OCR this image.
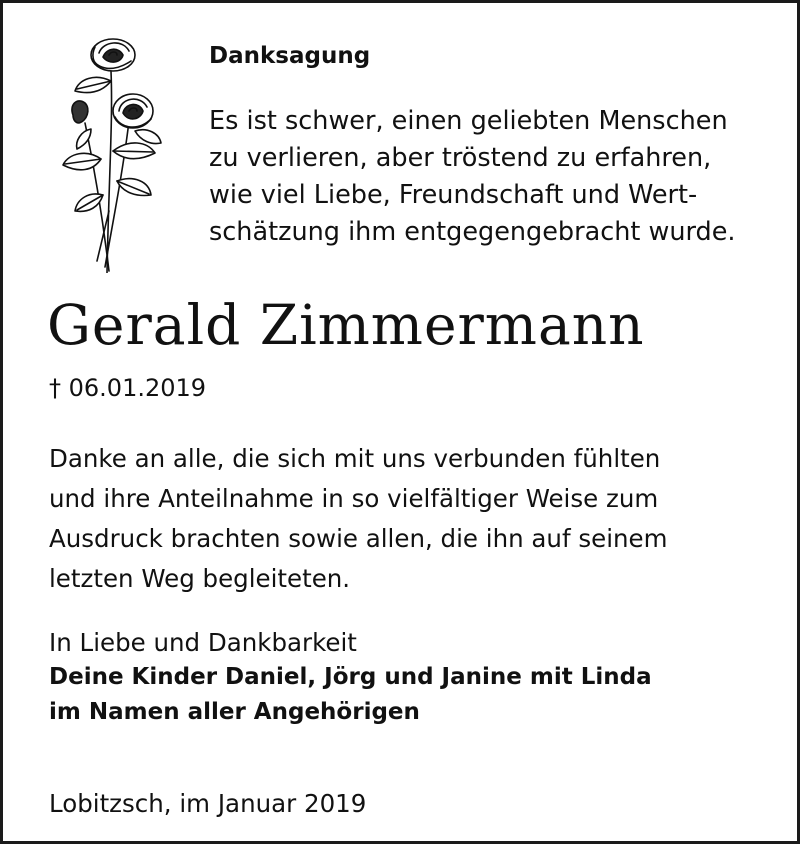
Danksagung
Es ist schwer, einen geliebten Menschen
zu verlieren, aber tröstend zu erfahren,
wie viel Liebe, Freundschaft und Wert-
schätzung ihm entgegengebracht wurde.
Gerald Zimmermann
† 06.01.2019
Danke an alle, die sich mit uns verbunden fühlten
und ihre Anteilnahme in so vielfältiger Weise zum
Ausdruck brachten sowie allen, die ihn auf seinem
letzten Weg begleiteten.
In Liebe und Dankbarkeit
Deine Kinder Daniel, Jörg und Janine mit Linda
im Namen aller Angehörigen
Lobitzsch, im Januar 2019
